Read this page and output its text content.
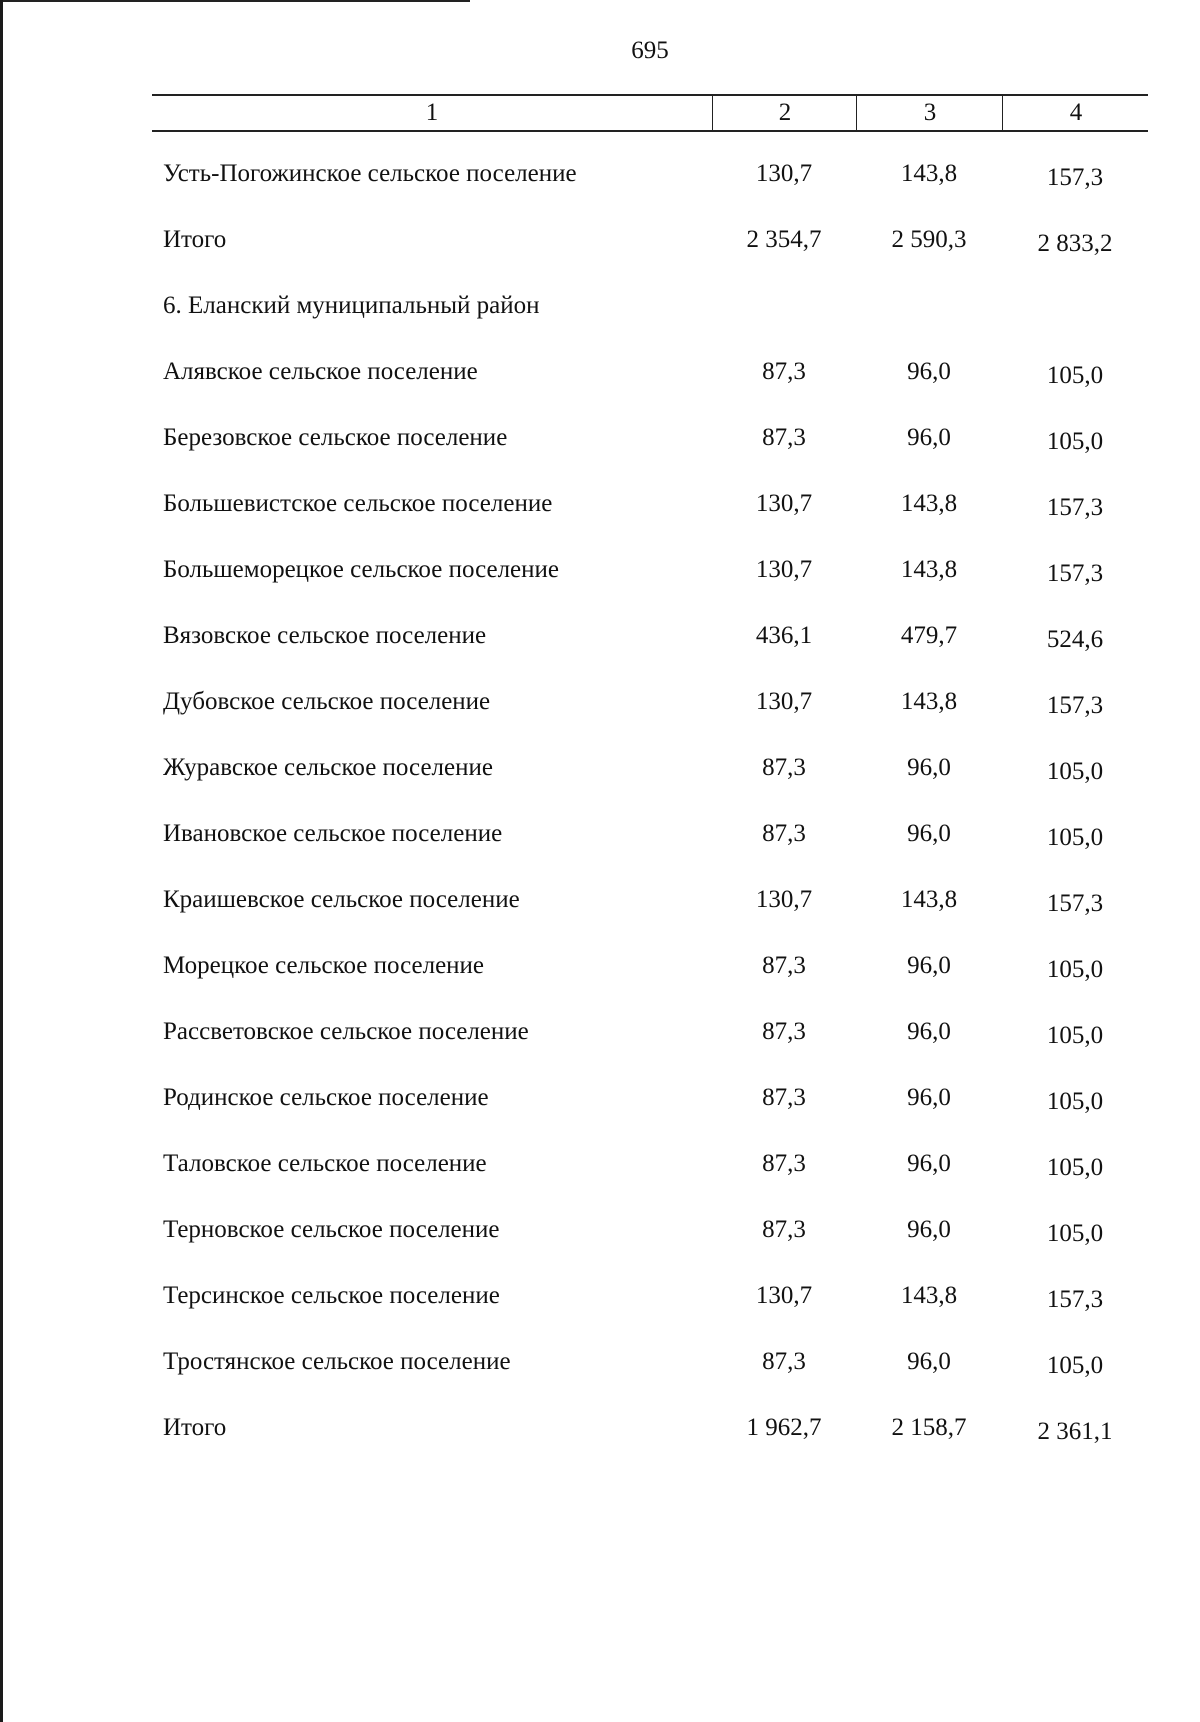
695
1	2	3	4
Усть-Погожинское сельское поселение	130,7	143,8	157,3
Итого	2 354,7	2 590,3	2 833,2
6. Еланский муниципальный район
Алявское сельское поселение	87,3	96,0	105,0
Березовское сельское поселение	87,3	96,0	105,0
Большевистское сельское поселение	130,7	143,8	157,3
Большеморецкое сельское поселение	130,7	143,8	157,3
Вязовское сельское поселение	436,1	479,7	524,6
Дубовское сельское поселение	130,7	143,8	157,3
Журавское сельское поселение	87,3	96,0	105,0
Ивановское сельское поселение	87,3	96,0	105,0
Краишевское сельское поселение	130,7	143,8	157,3
Морецкое сельское поселение	87,3	96,0	105,0
Рассветовское сельское поселение	87,3	96,0	105,0
Родинское сельское поселение	87,3	96,0	105,0
Таловское сельское поселение	87,3	96,0	105,0
Терновское сельское поселение	87,3	96,0	105,0
Терсинское сельское поселение	130,7	143,8	157,3
Тростянское сельское поселение	87,3	96,0	105,0
Итого	1 962,7	2 158,7	2 361,1
